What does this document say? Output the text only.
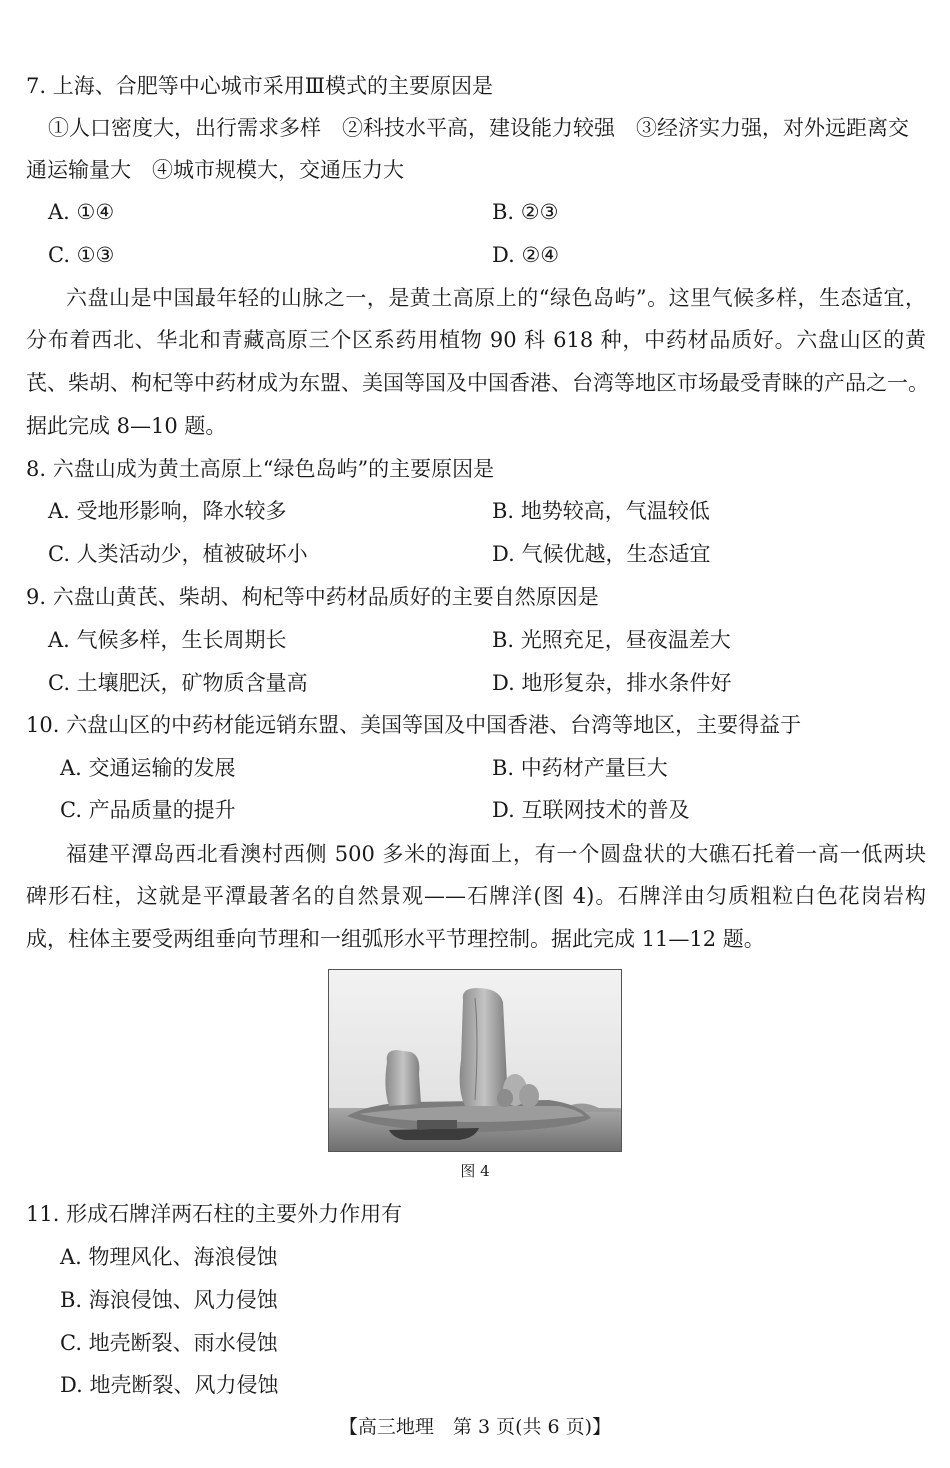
7. 上海、合肥等中心城市采用Ⅲ模式的主要原因是
①人口密度大，出行需求多样　②科技水平高，建设能力较强　③经济实力强，对外远距离交
通运输量大　④城市规模大，交通压力大
A. ①④	B. ②③
C. ①③	D. ②④
六盘山是中国最年轻的山脉之一，是黄土高原上的“绿色岛屿”。这里气候多样，生态适宜，
分布着西北、华北和青藏高原三个区系药用植物 90 科 618 种，中药材品质好。六盘山区的黄
芪、柴胡、枸杞等中药材成为东盟、美国等国及中国香港、台湾等地区市场最受青睐的产品之一。
据此完成 8—10 题。
8. 六盘山成为黄土高原上“绿色岛屿”的主要原因是
A. 受地形影响，降水较多	B. 地势较高，气温较低
C. 人类活动少，植被破坏小	D. 气候优越，生态适宜
9. 六盘山黄芪、柴胡、枸杞等中药材品质好的主要自然原因是
A. 气候多样，生长周期长	B. 光照充足，昼夜温差大
C. 土壤肥沃，矿物质含量高	D. 地形复杂，排水条件好
10. 六盘山区的中药材能远销东盟、美国等国及中国香港、台湾等地区，主要得益于
A. 交通运输的发展	B. 中药材产量巨大
C. 产品质量的提升	D. 互联网技术的普及
福建平潭岛西北看澳村西侧 500 多米的海面上，有一个圆盘状的大礁石托着一高一低两块
碑形石柱，这就是平潭最著名的自然景观——石牌洋(图 4)。石牌洋由匀质粗粒白色花岗岩构
成，柱体主要受两组垂向节理和一组弧形水平节理控制。据此完成 11—12 题。
图 4
11. 形成石牌洋两石柱的主要外力作用有
A. 物理风化、海浪侵蚀
B. 海浪侵蚀、风力侵蚀
C. 地壳断裂、雨水侵蚀
D. 地壳断裂、风力侵蚀
【高三地理　第 3 页(共 6 页)】
